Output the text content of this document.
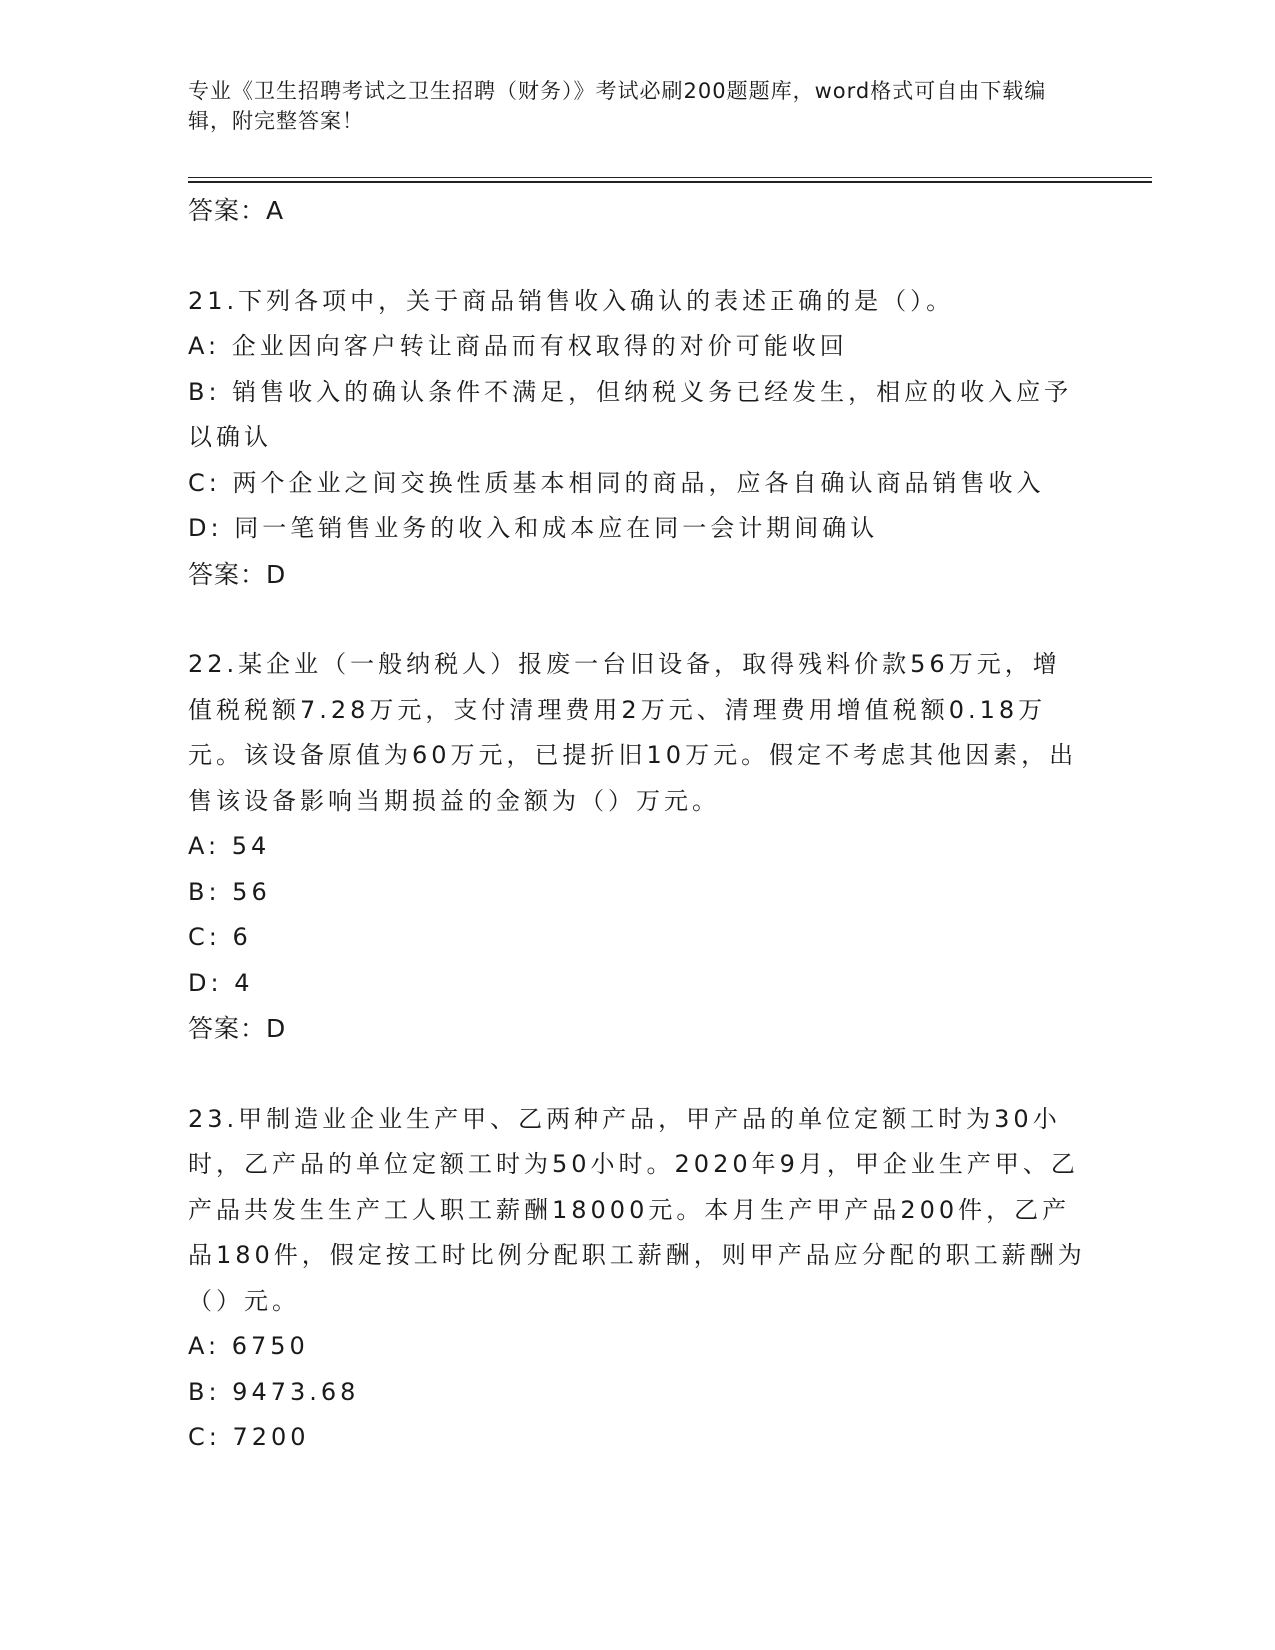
专业《卫生招聘考试之卫生招聘（财务）》考试必刷200题题库，word格式可自由下载编辑，附完整答案！

答案：A

21.下列各项中，关于商品销售收入确认的表述正确的是（）。

A: 企业因向客户转让商品而有权取得的对价可能收回

B: 销售收入的确认条件不满足，但纳税义务已经发生，相应的收入应予以确认

C: 两个企业之间交换性质基本相同的商品，应各自确认商品销售收入

D: 同一笔销售业务的收入和成本应在同一会计期间确认

答案：D

22.某企业（一般纳税人）报废一台旧设备，取得残料价款56万元，增值税税额7.28万元，支付清理费用2万元、清理费用增值税额0.18万元。该设备原值为60万元，已提折旧10万元。假定不考虑其他因素，出售该设备影响当期损益的金额为（）万元。

A: 54

B: 56

C: 6

D: 4

答案：D

23.甲制造业企业生产甲、乙两种产品，甲产品的单位定额工时为30小时，乙产品的单位定额工时为50小时。2020年9月，甲企业生产甲、乙产品共发生生产工人职工薪酬18000元。本月生产甲产品200件，乙产品180件，假定按工时比例分配职工薪酬，则甲产品应分配的职工薪酬为（）元。

A: 6750

B: 9473.68

C: 7200
